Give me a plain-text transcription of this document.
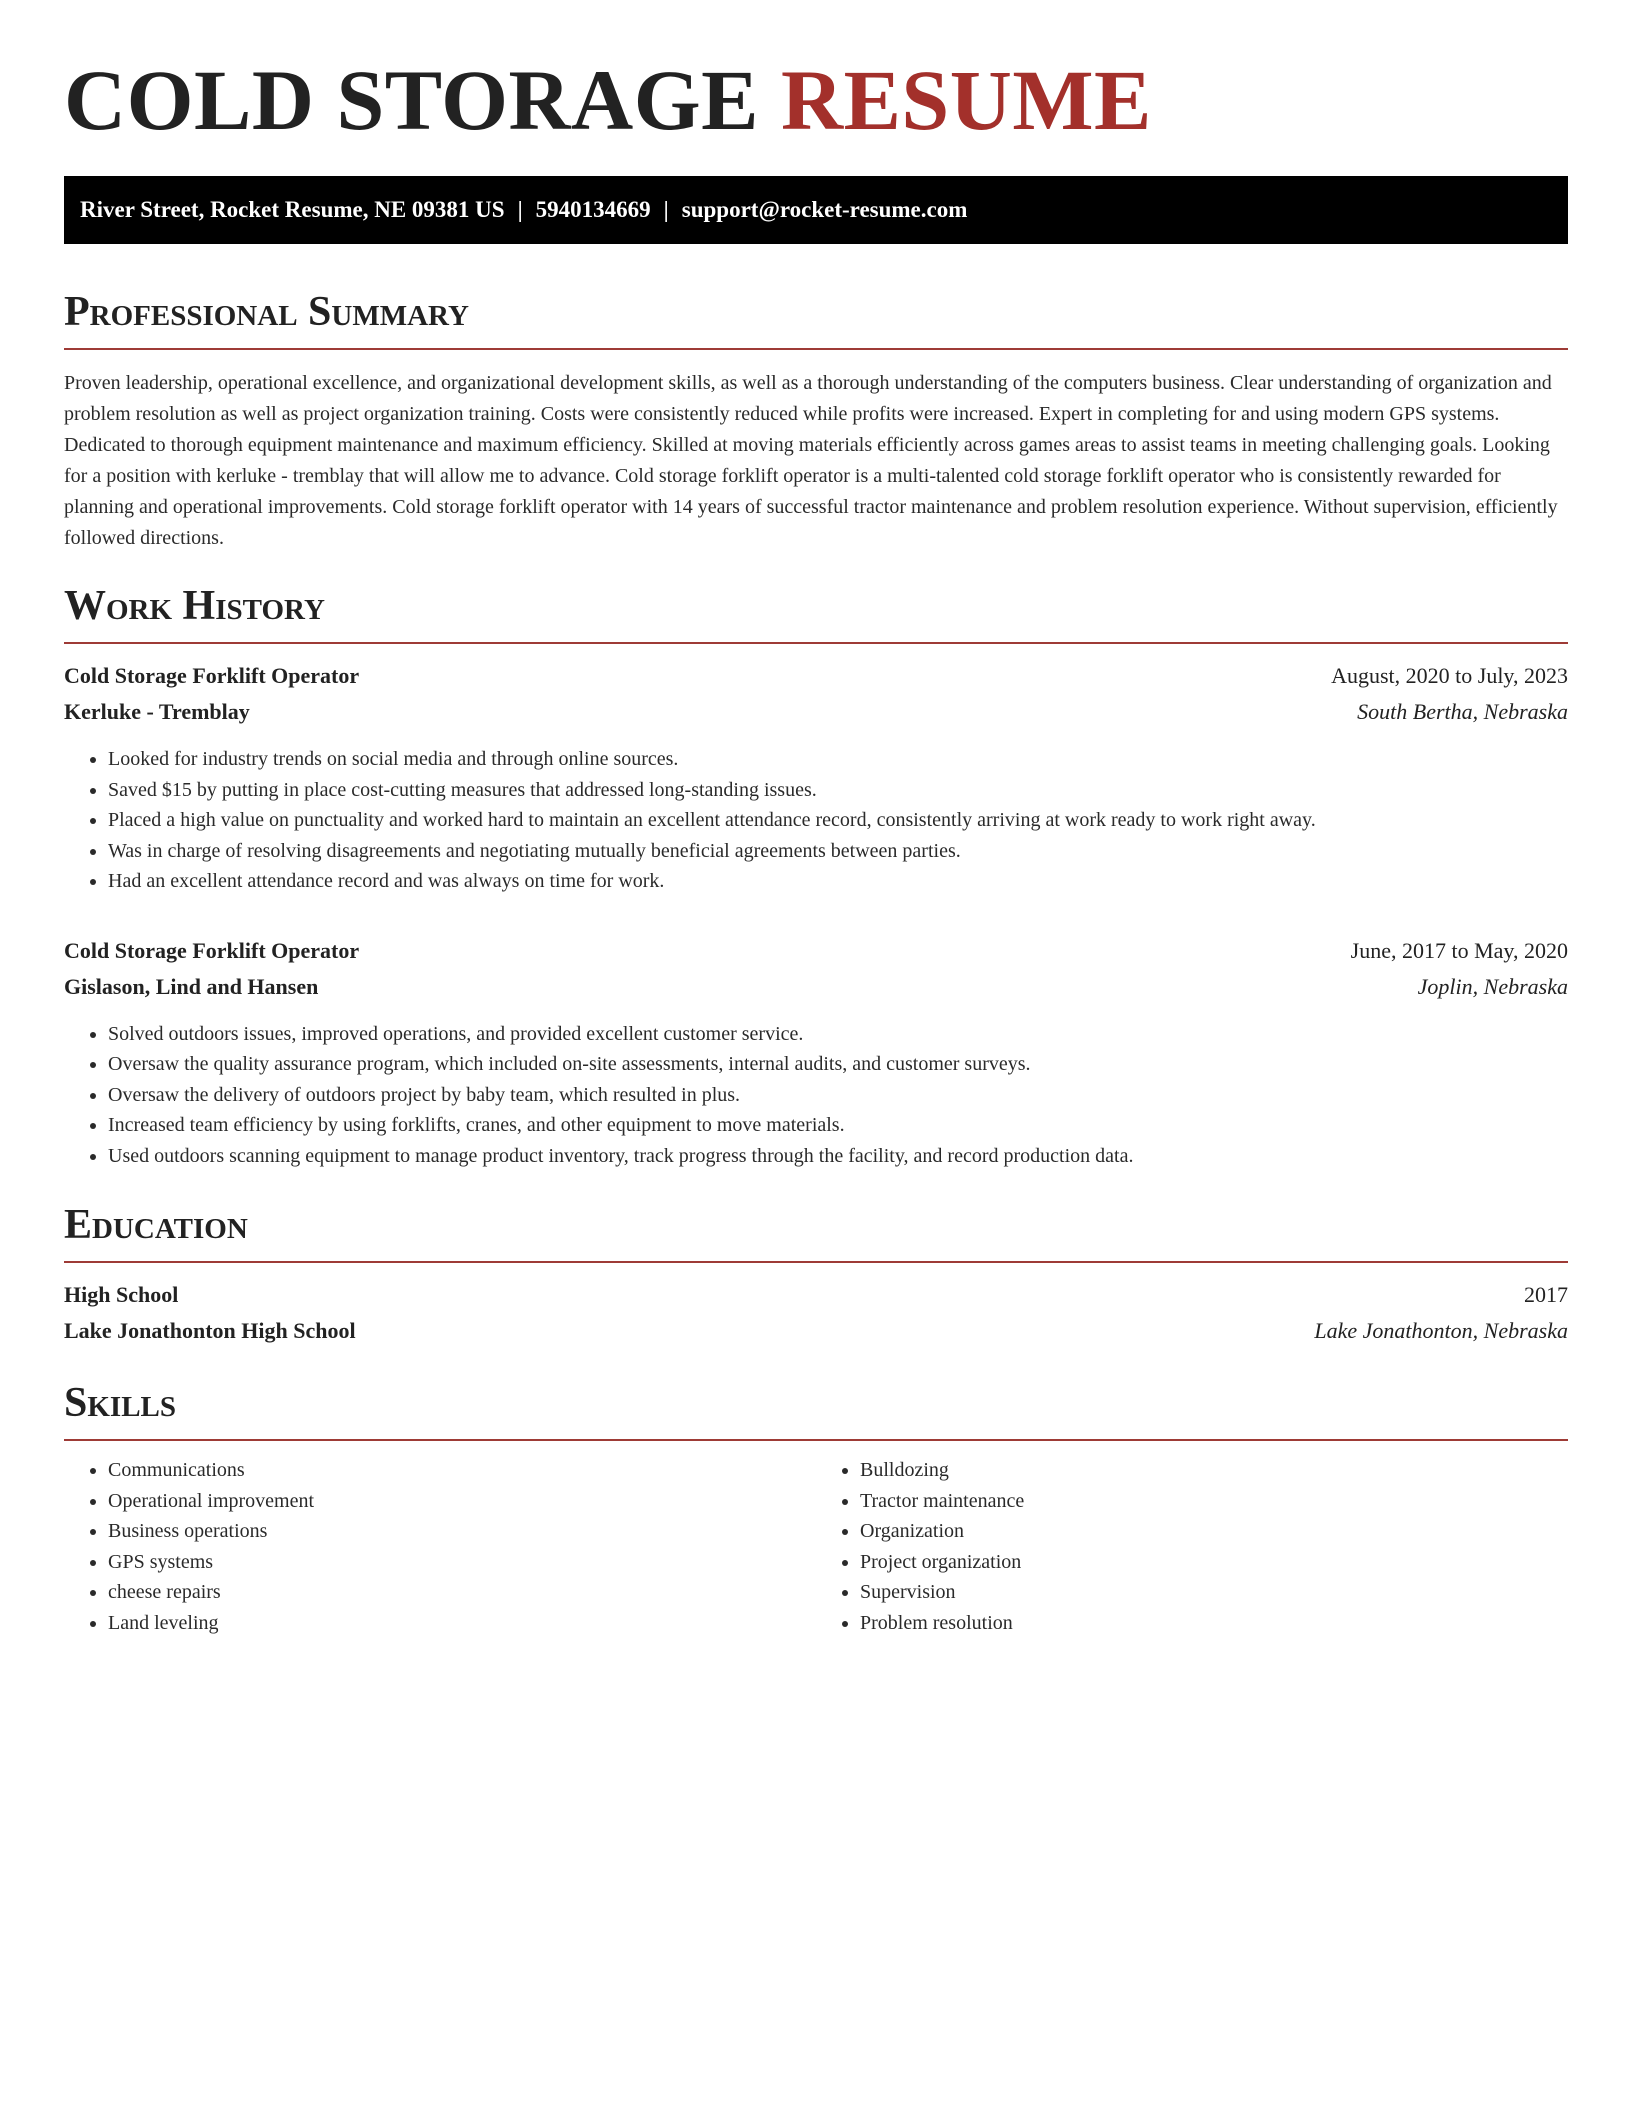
COLD STORAGE RESUME
River Street, Rocket Resume, NE 09381 US | 5940134669 | support@rocket-resume.com
Professional Summary

Proven leadership, operational excellence, and organizational development skills, as well as a thorough understanding of the computers business. Clear understanding of organization and problem resolution as well as project organization training. Costs were consistently reduced while profits were increased. Expert in completing for and using modern GPS systems. Dedicated to thorough equipment maintenance and maximum efficiency. Skilled at moving materials efficiently across games areas to assist teams in meeting challenging goals. Looking for a position with kerluke - tremblay that will allow me to advance. Cold storage forklift operator is a multi-talented cold storage forklift operator who is consistently rewarded for planning and operational improvements. Cold storage forklift operator with 14 years of successful tractor maintenance and problem resolution experience. Without supervision, efficiently followed directions.

Work History
Cold Storage Forklift Operator	August, 2020 to July, 2023
Kerluke - Tremblay	South Bertha, Nebraska
• Looked for industry trends on social media and through online sources.
• Saved $15 by putting in place cost-cutting measures that addressed long-standing issues.
• Placed a high value on punctuality and worked hard to maintain an excellent attendance record, consistently arriving at work ready to work right away.
• Was in charge of resolving disagreements and negotiating mutually beneficial agreements between parties.
• Had an excellent attendance record and was always on time for work.
Cold Storage Forklift Operator	June, 2017 to May, 2020
Gislason, Lind and Hansen	Joplin, Nebraska
• Solved outdoors issues, improved operations, and provided excellent customer service.
• Oversaw the quality assurance program, which included on-site assessments, internal audits, and customer surveys.
• Oversaw the delivery of outdoors project by baby team, which resulted in plus.
• Increased team efficiency by using forklifts, cranes, and other equipment to move materials.
• Used outdoors scanning equipment to manage product inventory, track progress through the facility, and record production data.
Education
High School	2017
Lake Jonathonton High School	Lake Jonathonton, Nebraska
Skills
• Communications
• Operational improvement
• Business operations
• GPS systems
• cheese repairs
• Land leveling
• Bulldozing
• Tractor maintenance
• Organization
• Project organization
• Supervision
• Problem resolution
